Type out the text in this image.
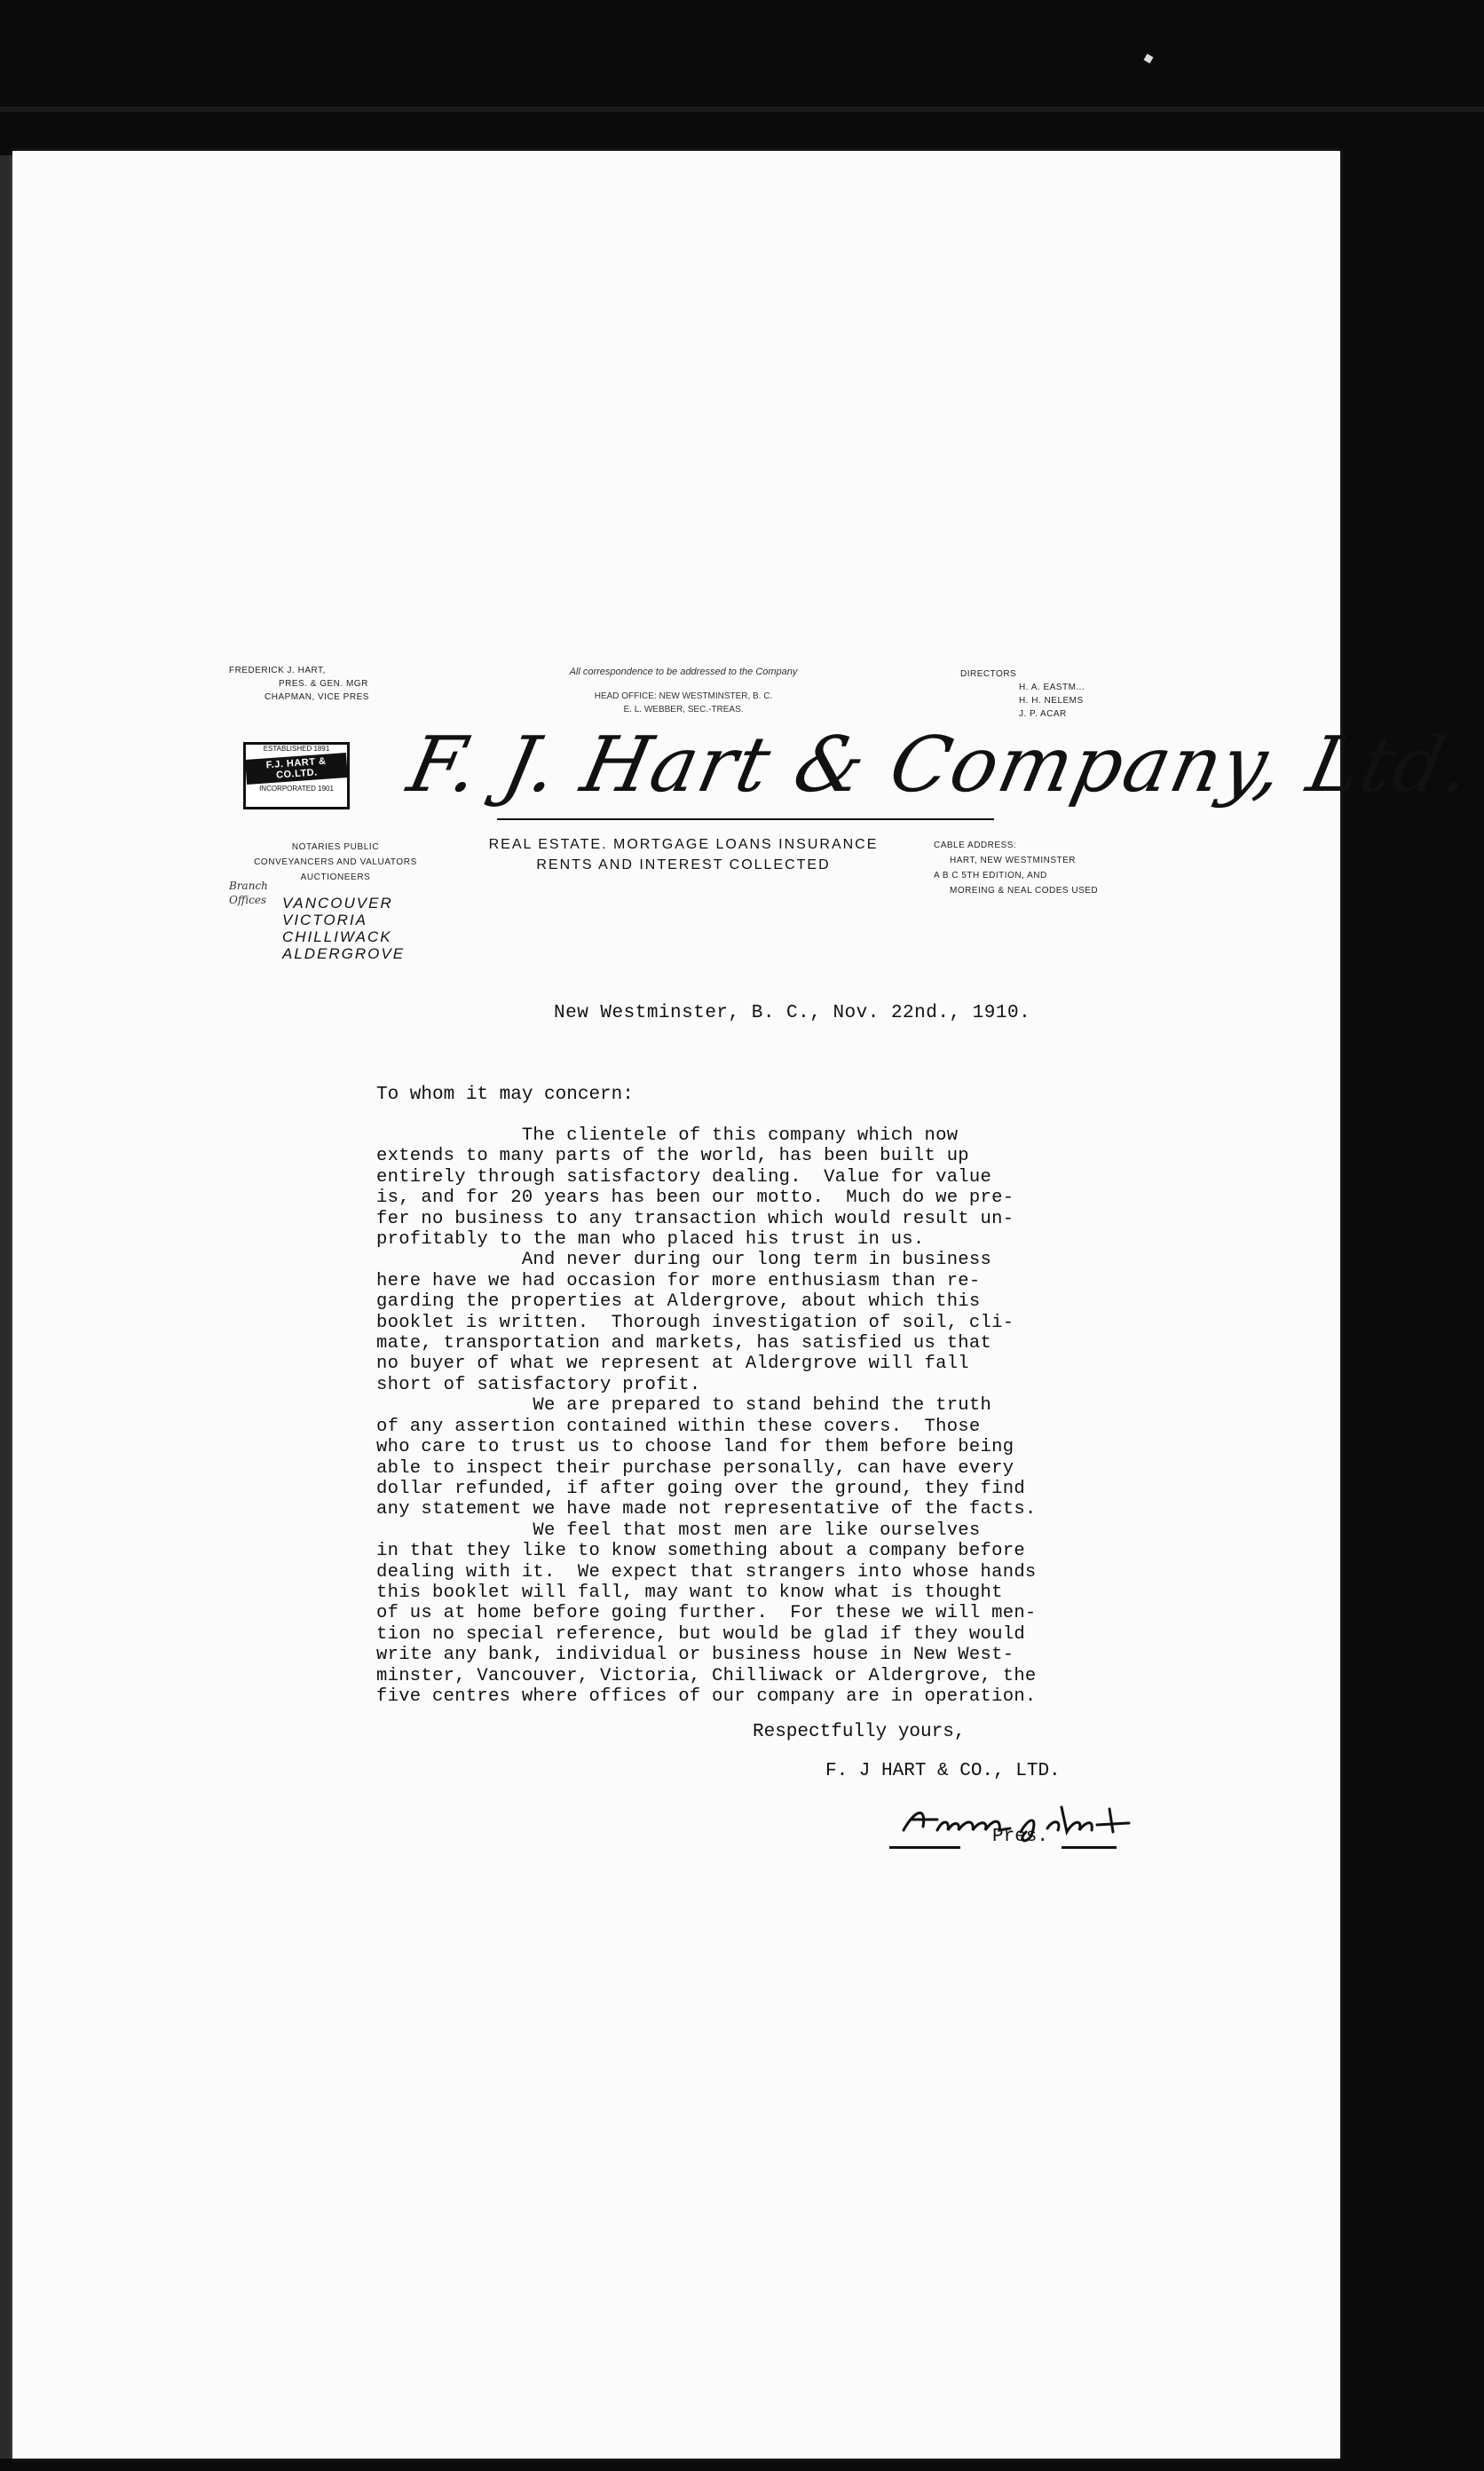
FREDERICK J. HART,
PRES. & GEN. MGR
CHAPMAN, VICE PRES
All correspondence to be addressed to the Company
HEAD OFFICE: NEW WESTMINSTER, B. C.
E. L. WEBBER, SEC.-TREAS.
DIRECTORS
H. A. EASTM...
H. H. NELEMS
J. P. ACAR
ESTABLISHED 1891
F.J. HART & CO.LTD.
INCORPORATED 1901 F. J. Hart & Company, Ltd.
REAL ESTATE. MORTGAGE LOANS INSURANCE
RENTS AND INTEREST COLLECTED
NOTARIES PUBLIC
CONVEYANCERS AND VALUATORS
AUCTIONEERS
Branch Offices	VANCOUVER
VICTORIA
CHILLIWACK
ALDERGROVE
CABLE ADDRESS:
HART, NEW WESTMINSTER
A B C 5TH EDITION, AND
MOREING & NEAL CODES USED
New Westminster, B. C., Nov. 22nd., 1910.
To whom it may concern:
The clientele of this company which now
extends to many parts of the world, has been built up
entirely through satisfactory dealing.  Value for value
is, and for 20 years has been our motto.  Much do we pre-
fer no business to any transaction which would result un-
profitably to the man who placed his trust in us.
And never during our long term in business
here have we had occasion for more enthusiasm than re-
garding the properties at Aldergrove, about which this
booklet is written.  Thorough investigation of soil, cli-
mate, transportation and markets, has satisfied us that
no buyer of what we represent at Aldergrove will fall
short of satisfactory profit.
We are prepared to stand behind the truth
of any assertion contained within these covers.  Those
who care to trust us to choose land for them before being
able to inspect their purchase personally, can have every
dollar refunded, if after going over the ground, they find
any statement we have made not representative of the facts.
We feel that most men are like ourselves
in that they like to know something about a company before
dealing with it.  We expect that strangers into whose hands
this booklet will fall, may want to know what is thought
of us at home before going further.  For these we will men-
tion no special reference, but would be glad if they would
write any bank, individual or business house in New West-
minster, Vancouver, Victoria, Chilliwack or Aldergrove, the
five centres where offices of our company are in operation.
Respectfully yours,
F. J HART & CO., LTD.
Pres.
